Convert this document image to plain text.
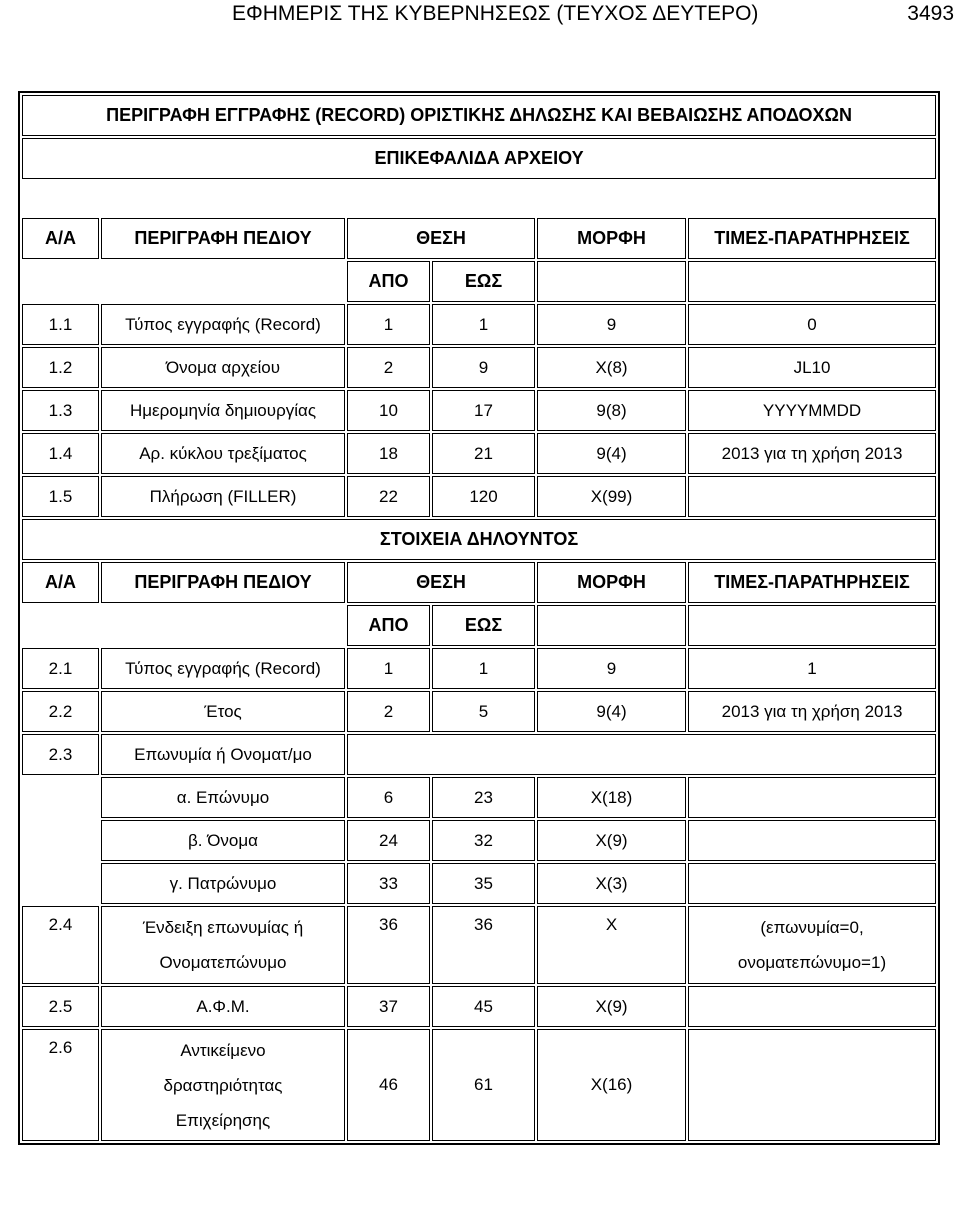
ΕΦΗΜΕΡΙΣ ΤΗΣ ΚΥΒΕΡΝΗΣΕΩΣ (ΤΕΥΧΟΣ ΔΕΥΤΕΡΟ)	3493
ΠΕΡΙΓΡΑΦΗ ΕΓΓΡΑΦΗΣ (RECORD) ΟΡΙΣΤΙΚΗΣ ΔΗΛΩΣΗΣ ΚΑΙ ΒΕΒΑΙΩΣΗΣ ΑΠΟΔΟΧΩΝ					
ΕΠΙΚΕΦΑΛΙΔΑ ΑΡΧΕΙΟΥ					

Α/Α	ΠΕΡΙΓΡΑΦΗ ΠΕΔΙΟΥ	ΘΕΣΗ		ΜΟΡΦΗ	ΤΙΜΕΣ-ΠΑΡΑΤΗΡΗΣΕΙΣ
		ΑΠΟ	ΕΩΣ		
1.1	Τύπος εγγραφής (Record)	1	1	9	0
1.2	Όνομα αρχείου	2	9	X(8)	JL10
1.3	Ημερομηνία δημιουργίας	10	17	9(8)	YYYYMMDD
1.4	Αρ. κύκλου τρεξίματος	18	21	9(4)	2013 για τη χρήση 2013
1.5	Πλήρωση (FILLER)	22	120	X(99)	
ΣΤΟΙΧΕΙΑ ΔΗΛΟΥΝΤΟΣ					
Α/Α	ΠΕΡΙΓΡΑΦΗ ΠΕΔΙΟΥ	ΘΕΣΗ		ΜΟΡΦΗ	ΤΙΜΕΣ-ΠΑΡΑΤΗΡΗΣΕΙΣ
		ΑΠΟ	ΕΩΣ		
2.1	Τύπος εγγραφής (Record)	1	1	9	1
2.2	Έτος	2	5	9(4)	2013 για τη χρήση 2013
2.3	Επωνυμία ή Ονοματ/μο				
	α. Επώνυμο	6	23	X(18)	
	β. Όνομα	24	32	X(9)	
	γ. Πατρώνυμο	33	35	X(3)	

2.4	Ένδειξη επωνυμίας ή
Ονοματεπώνυμο	36	36	X	(επωνυμία=0,
ονοματεπώνυμο=1)

2.5	Α.Φ.Μ.	37	45	X(9)	

2.6	Αντικείμενο
δραστηριότητας
Επιχείρησης	46	61	X(16)	
